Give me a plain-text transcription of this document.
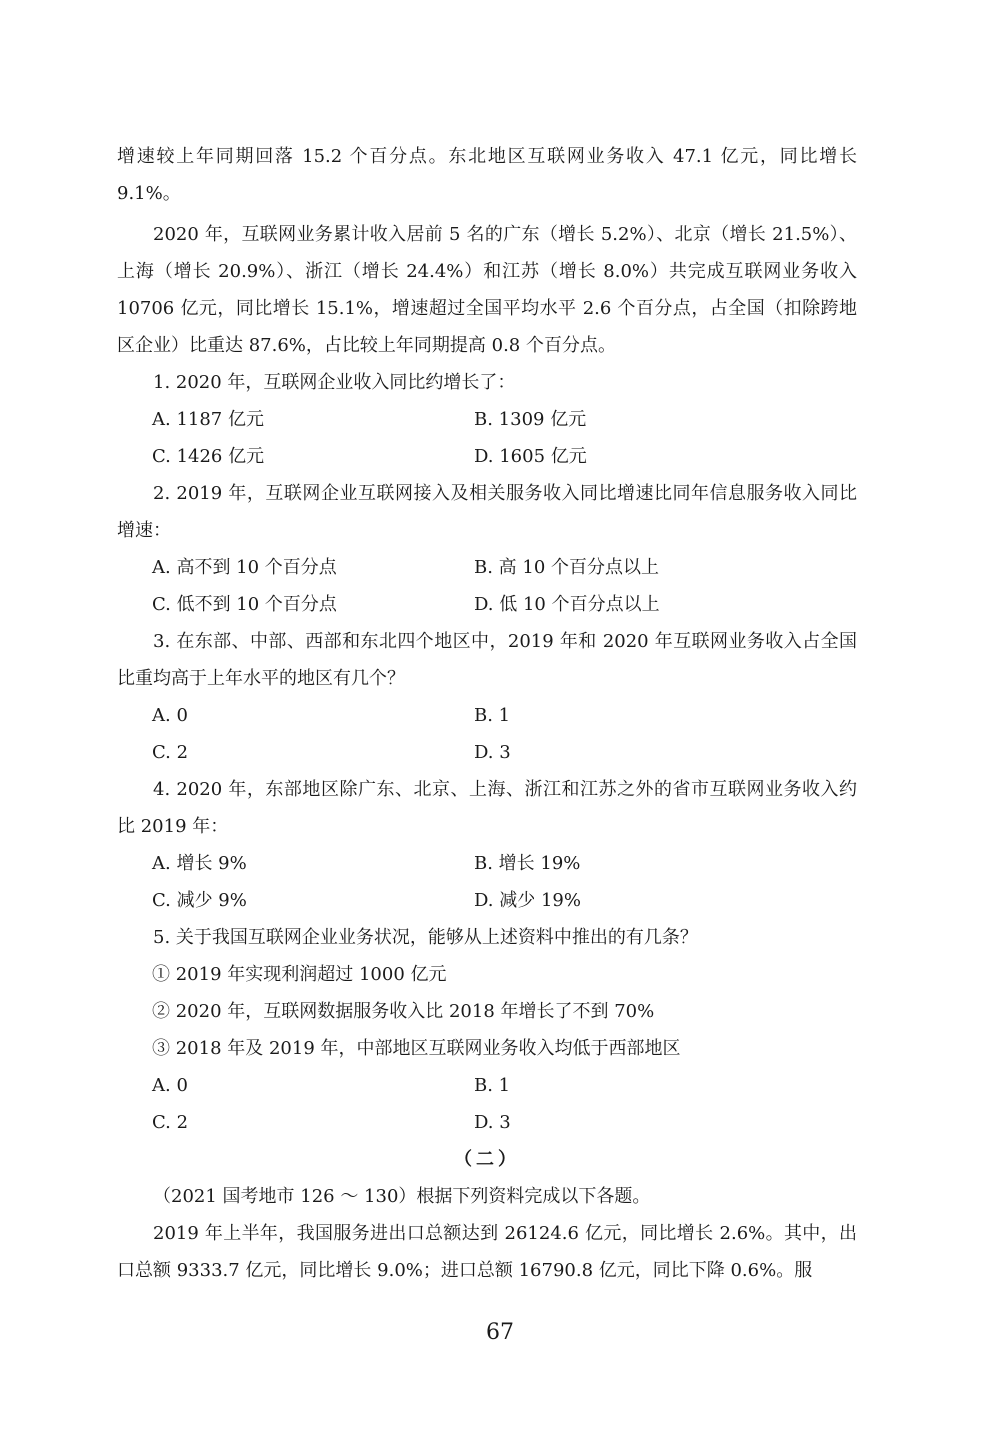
增速较上年同期回落 15.2 个百分点。东北地区互联网业务收入 47.1 亿元，同比增长 9.1%。

2020 年，互联网业务累计收入居前 5 名的广东（增长 5.2%）、北京（增长 21.5%）、上海（增长 20.9%）、浙江（增长 24.4%）和江苏（增长 8.0%）共完成互联网业务收入 10706 亿元，同比增长 15.1%，增速超过全国平均水平 2.6 个百分点，占全国（扣除跨地区企业）比重达 87.6%，占比较上年同期提高 0.8 个百分点。

1. 2020 年，互联网企业收入同比约增长了：

A. 1187 亿元	B. 1309 亿元
C. 1426 亿元	D. 1605 亿元

2. 2019 年，互联网企业互联网接入及相关服务收入同比增速比同年信息服务收入同比增速：

A. 高不到 10 个百分点	B. 高 10 个百分点以上
C. 低不到 10 个百分点	D. 低 10 个百分点以上

3. 在东部、中部、西部和东北四个地区中，2019 年和 2020 年互联网业务收入占全国比重均高于上年水平的地区有几个？

A. 0	B. 1
C. 2	D. 3

4. 2020 年，东部地区除广东、北京、上海、浙江和江苏之外的省市互联网业务收入约比 2019 年：

A. 增长 9%	B. 增长 19%
C. 减少 9%	D. 减少 19%

5. 关于我国互联网企业业务状况，能够从上述资料中推出的有几条？

① 2019 年实现利润超过 1000 亿元

② 2020 年，互联网数据服务收入比 2018 年增长了不到 70%

③ 2018 年及 2019 年，中部地区互联网业务收入均低于西部地区

A. 0	B. 1
C. 2	D. 3

（二）

（2021 国考地市 126 ～ 130）根据下列资料完成以下各题。

2019 年上半年，我国服务进出口总额达到 26124.6 亿元，同比增长 2.6%。其中，出口总额 9333.7 亿元，同比增长 9.0%；进口总额 16790.8 亿元，同比下降 0.6%。服

67
